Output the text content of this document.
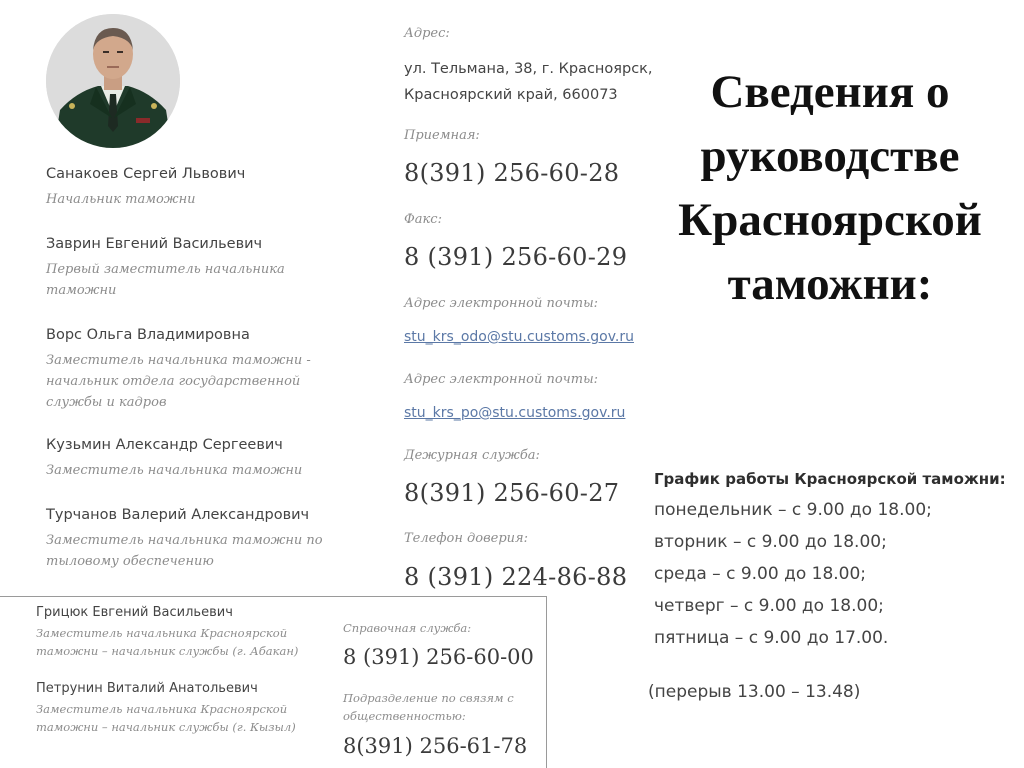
Санакоев Сергей Львович
Начальник таможни
Заврин Евгений Васильевич
Первый заместитель начальника таможни
Ворс Ольга Владимировна
Заместитель начальника таможни - начальник отдела государственной службы и кадров
Кузьмин Александр Сергеевич
Заместитель начальника таможни
Турчанов Валерий Александрович
Заместитель начальника таможни по тыловому обеспечению
Адрес:
ул. Тельмана, 38, г. Красноярск,
Красноярский край, 660073
Приемная:
8(391) 256-60-28
Факс:
8 (391) 256-60-29
Адрес электронной почты:
stu_krs_odo@stu.customs.gov.ru
Адрес электронной почты:
stu_krs_po@stu.customs.gov.ru
Дежурная служба:
8(391) 256-60-27
Телефон доверия:
8 (391) 224-86-88
Сведения о руководстве Красноярской таможни:
График работы Красноярской таможни:
понедельник – с 9.00 до 18.00;
вторник – с 9.00 до 18.00;
среда – с 9.00 до 18.00;
четверг – с 9.00 до 18.00;
пятница – с 9.00 до 17.00.
(перерыв 13.00 – 13.48)
Грицюк Евгений Васильевич
Заместитель начальника Красноярской
таможни – начальник службы (г. Абакан)
Петрунин Виталий Анатольевич
Заместитель начальника Красноярской
таможни – начальник службы (г. Кызыл)
Справочная служба:
8 (391) 256-60-00
Подразделение по связям с
общественностью:
8(391) 256-61-78
